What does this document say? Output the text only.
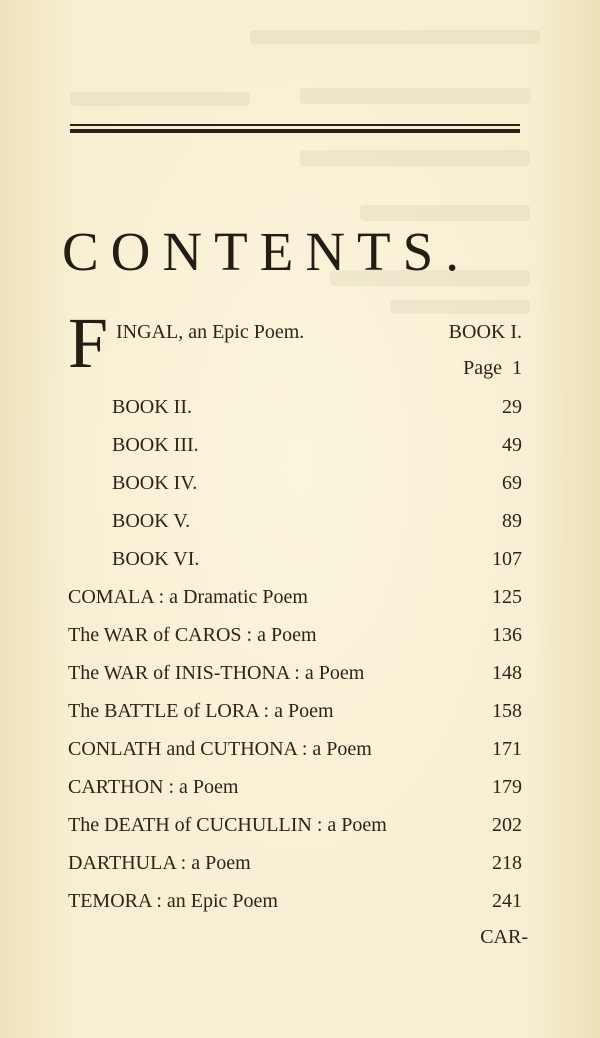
CONTENTS.
F INGAL, an Epic Poem.	BOOK I.
Page 1
BOOK II.	29
BOOK III.	49
BOOK IV.	69
BOOK V.	89
BOOK VI.	107
COMALA : a Dramatic Poem	125
The WAR of CAROS : a Poem	136
The WAR of INIS-THONA : a Poem	148
The BATTLE of LORA : a Poem	158
CONLATH and CUTHONA : a Poem	171
CARTHON : a Poem	179
The DEATH of CUCHULLIN : a Poem	202
DARTHULA : a Poem	218
TEMORA : an Epic Poem	241
CAR-
